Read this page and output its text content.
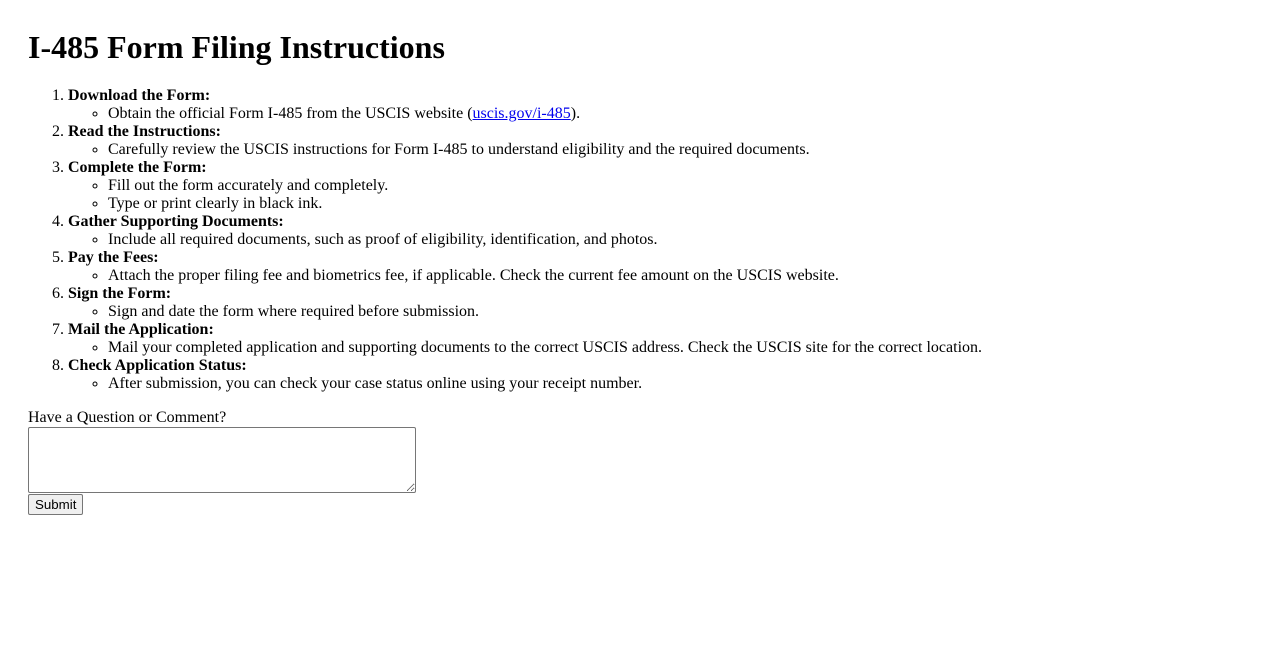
I-485 Form Filing Instructions
1. Download the Form:
◦ Obtain the official Form I-485 from the USCIS website (uscis.gov/i-485).
2. Read the Instructions:
◦ Carefully review the USCIS instructions for Form I-485 to understand eligibility and the required documents.
3. Complete the Form:
◦ Fill out the form accurately and completely.
◦ Type or print clearly in black ink.
4. Gather Supporting Documents:
◦ Include all required documents, such as proof of eligibility, identification, and photos.
5. Pay the Fees:
◦ Attach the proper filing fee and biometrics fee, if applicable. Check the current fee amount on the USCIS website.
6. Sign the Form:
◦ Sign and date the form where required before submission.
7. Mail the Application:
◦ Mail your completed application and supporting documents to the correct USCIS address. Check the USCIS site for the correct location.
8. Check Application Status:
◦ After submission, you can check your case status online using your receipt number.
Have a Question or Comment?
Submit
